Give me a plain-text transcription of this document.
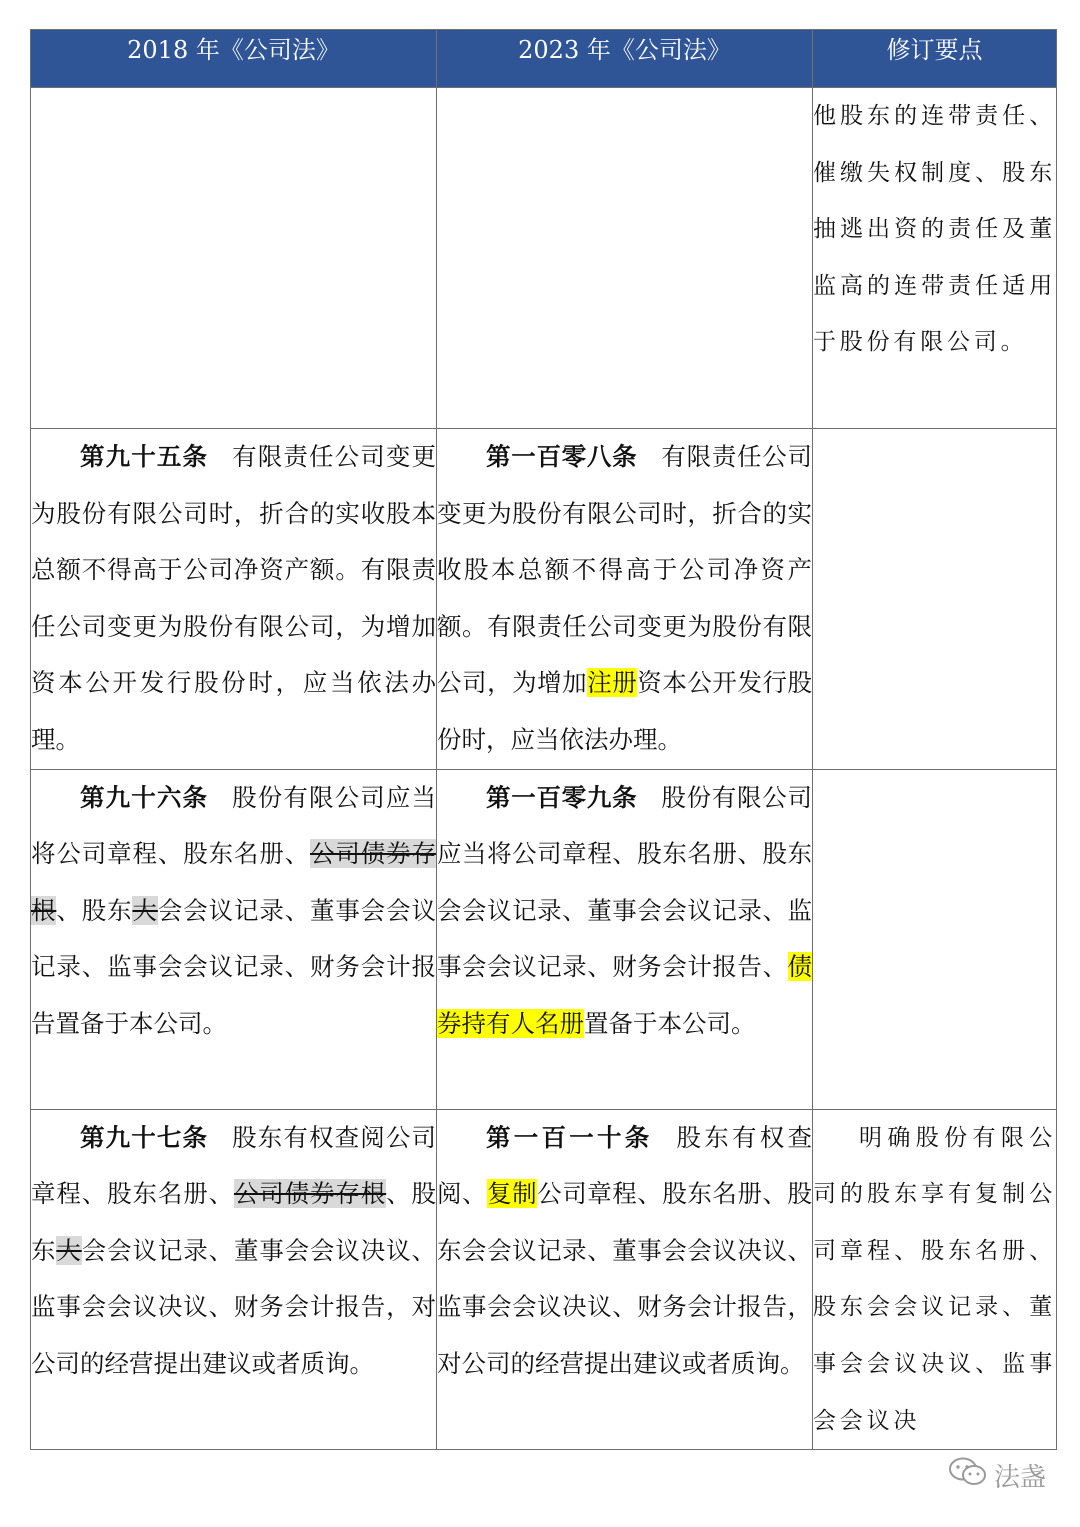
2018 年《公司法》	2023 年《公司法》	修订要点

		他股东的连带责任、催缴失权制度、股东抽逃出资的责任及董监高的连带责任适用于股份有限公司。

第九十五条 有限责任公司变更为股份有限公司时，折合的实收股本总额不得高于公司净资产额。有限责任公司变更为股份有限公司，为增加资本公开发行股份时，应当依法办理。	第一百零八条 有限责任公司变更为股份有限公司时，折合的实收股本总额不得高于公司净资产额。有限责任公司变更为股份有限公司，为增加注册资本公开发行股份时，应当依法办理。	

第九十六条 股份有限公司应当将公司章程、股东名册、公司债券存根、股东大会会议记录、董事会会议记录、监事会会议记录、财务会计报告置备于本公司。	第一百零九条 股份有限公司应当将公司章程、股东名册、股东会会议记录、董事会会议记录、监事会会议记录、财务会计报告、债券持有人名册置备于本公司。	

第九十七条 股东有权查阅公司章程、股东名册、公司债券存根、股东大会会议记录、董事会会议决议、监事会会议决议、财务会计报告，对公司的经营提出建议或者质询。	第一百一十条 股东有权查阅、复制公司章程、股东名册、股东会会议记录、董事会会议决议、监事会会议决议、财务会计报告，对公司的经营提出建议或者质询。	明确股份有限公司的股东享有复制公司章程、股东名册、股东会会议记录、董事会会议决议、监事会会议决

法盏
